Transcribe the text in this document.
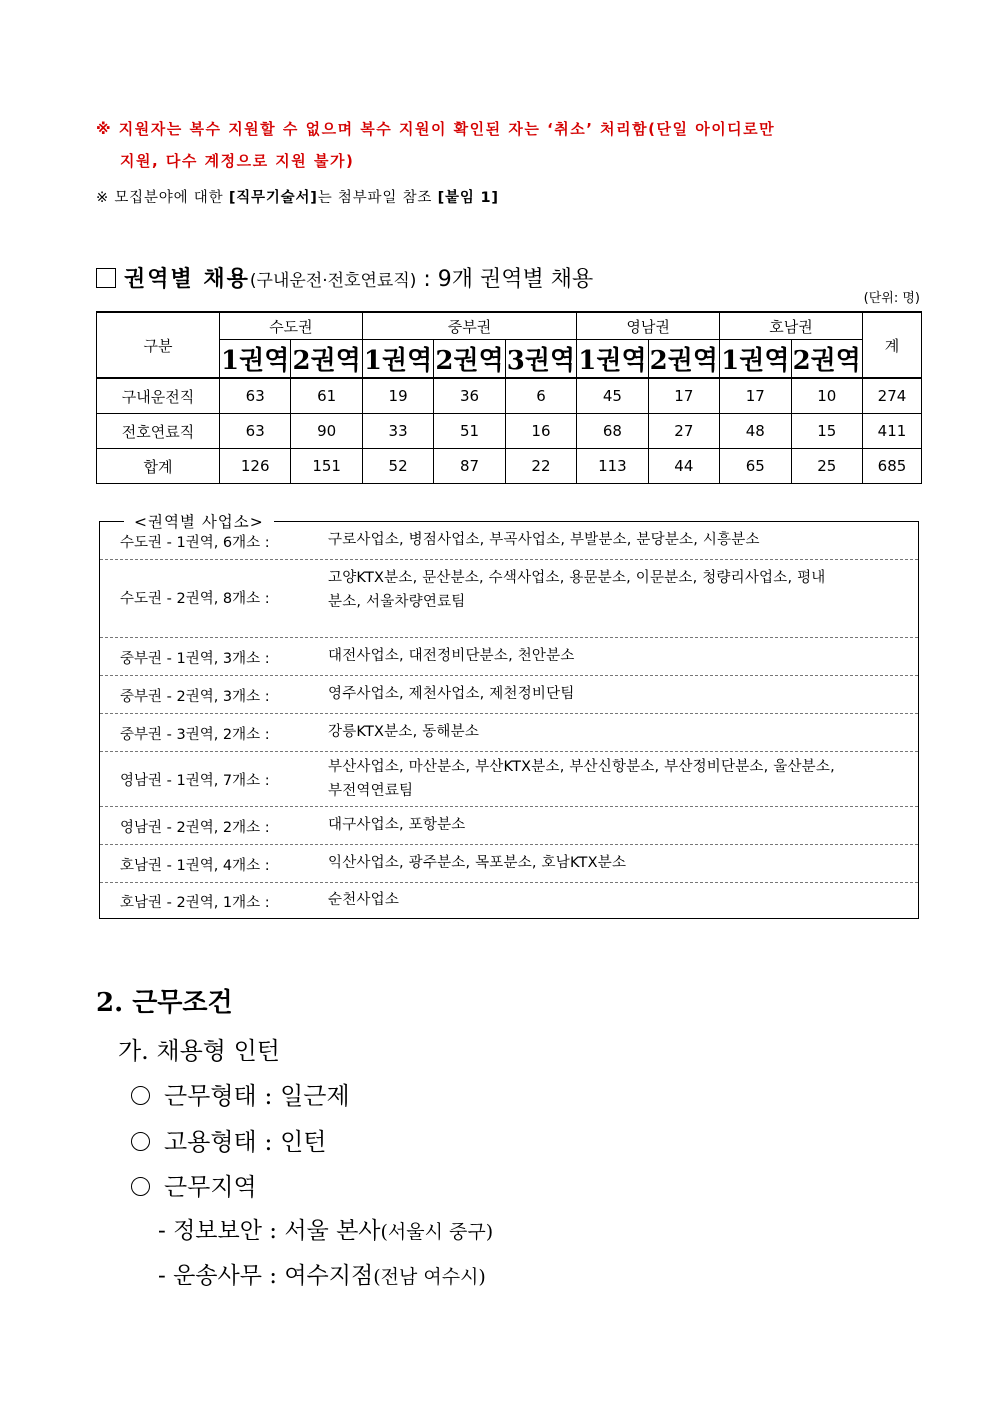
※ 지원자는 복수 지원할 수 없으며 복수 지원이 확인된 자는 ‘취소’ 처리함(단일 아이디로만
지원, 다수 계정으로 지원 불가)
※ 모집분야에 대한 [직무기술서]는 첨부파일 참조 [붙임 1]
권역별 채용(구내운전·전호연료직) : 9개 권역별 채용
(단위: 명)
구분	수도권		중부권			영남권		호남권		계
	1권역	2권역	1권역	2권역	3권역	1권역	2권역	1권역	2권역	
구내운전직	63	61	19	36	6	45	17	17	10	274
전호연료직	63	90	33	51	16	68	27	48	15	411
합계	126	151	52	87	22	113	44	65	25	685
수도권 - 1권역, 6개소 :	구로사업소, 병점사업소, 부곡사업소, 부발분소, 분당분소, 시흥분소
수도권 - 2권역, 8개소 :
고양KTX분소, 문산분소, 수색사업소, 용문분소, 이문분소, 청량리사업소, 평내
분소, 서울차량연료팀
중부권 - 1권역, 3개소 :	대전사업소, 대전정비단분소, 천안분소
중부권 - 2권역, 3개소 :	영주사업소, 제천사업소, 제천정비단팀
중부권 - 3권역, 2개소 :	강릉KTX분소, 동해분소
영남권 - 1권역, 7개소 :
부산사업소, 마산분소, 부산KTX분소, 부산신항분소, 부산정비단분소, 울산분소,
부전역연료팀
영남권 - 2권역, 2개소 :	대구사업소, 포항분소
호남권 - 1권역, 4개소 :	익산사업소, 광주분소, 목포분소, 호남KTX분소
호남권 - 2권역, 1개소 :	순천사업소
<권역별 사업소>
2. 근무조건
가. 채용형 인턴
근무형태 : 일근제
고용형태 : 인턴
근무지역
- 정보보안 : 서울 본사(서울시 중구)
- 운송사무 : 여수지점(전남 여수시)
